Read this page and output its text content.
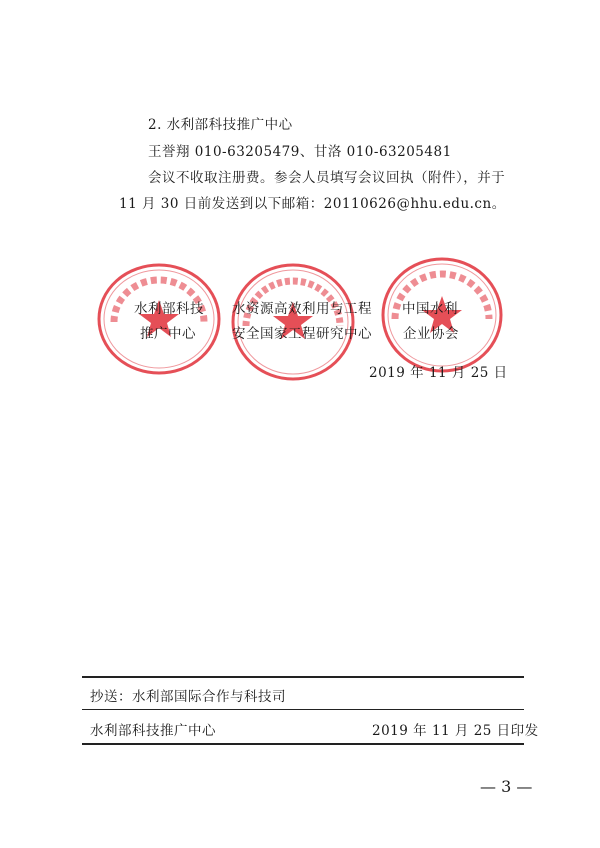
2. 水利部科技推广中心
王誉翔 010-63205479、甘洛 010-63205481
会议不收取注册费。参会人员填写会议回执（附件），并于
11 月 30 日前发送到以下邮箱：20110626@hhu.edu.cn。
水利部科技
推广中心
水资源高效利用与工程
安全国家工程研究中心
中国水利
企业协会
2019 年 11 月 25 日
抄送：水利部国际合作与科技司
水利部科技推广中心	2019 年 11 月 25 日印发
— 3 —
